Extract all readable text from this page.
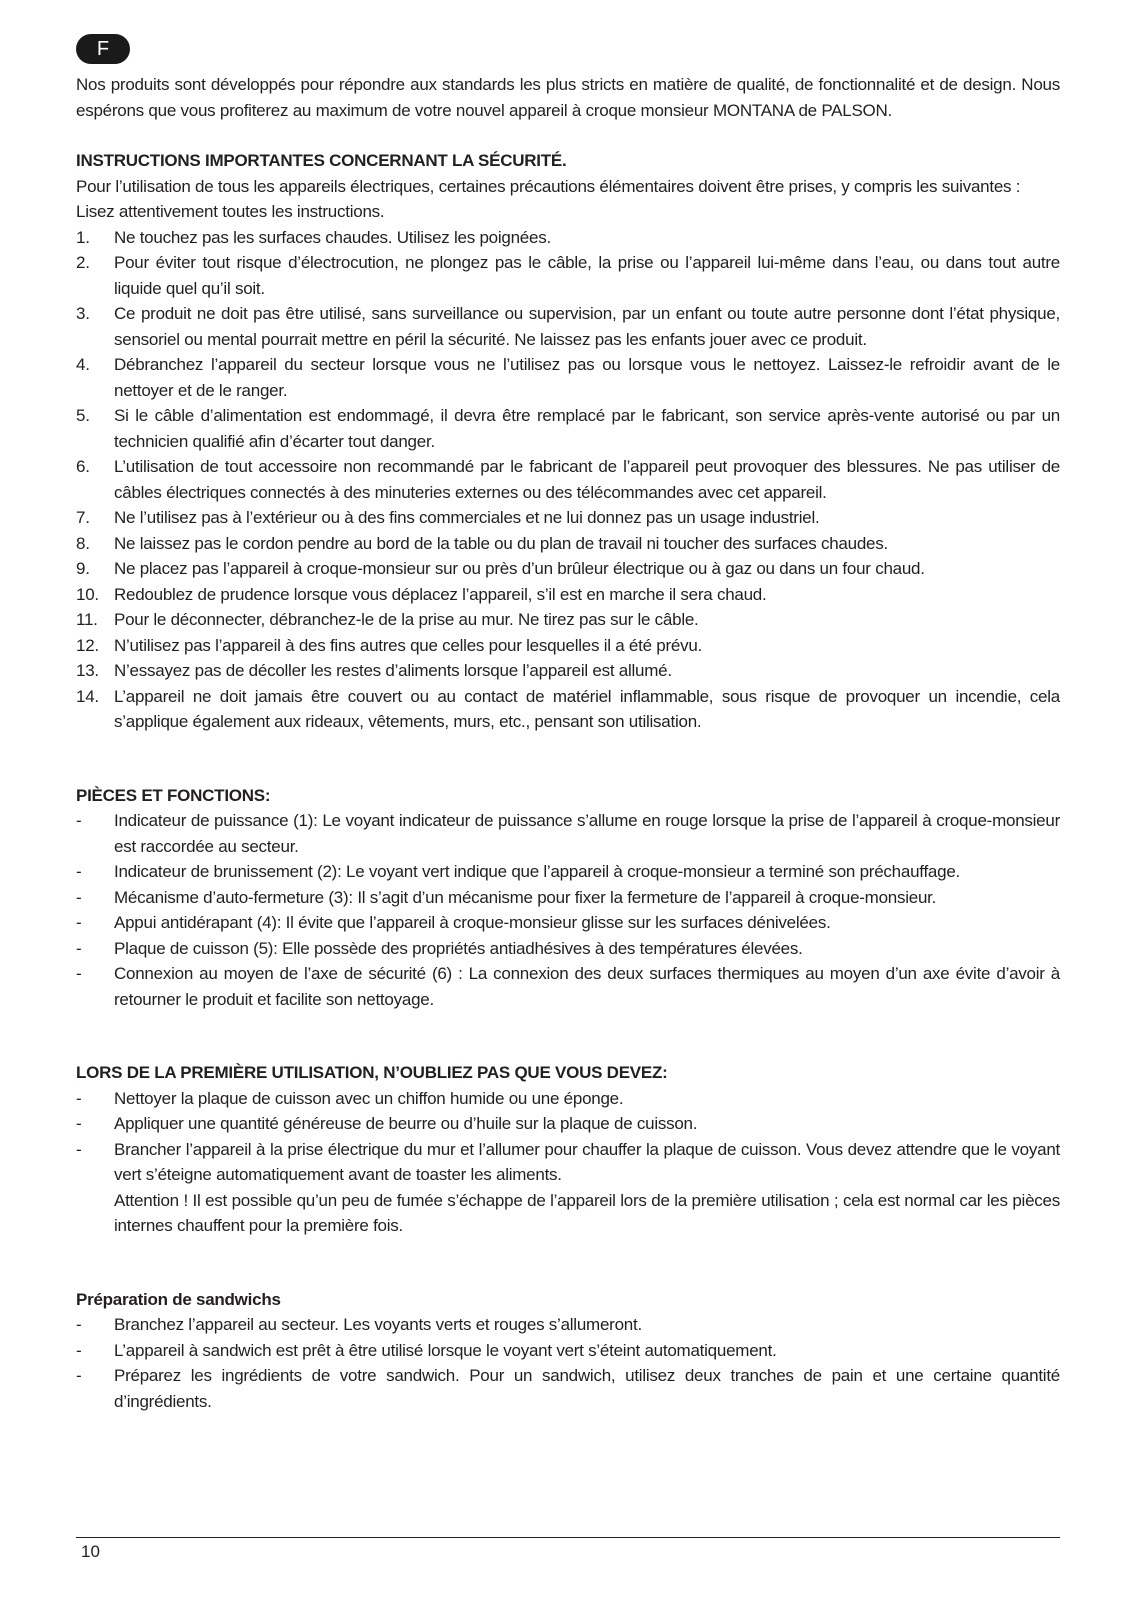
F

Nos produits sont développés pour répondre aux standards les plus stricts en matière de qualité, de fonctionnalité et de design. Nous espérons que vous profiterez au maximum de votre nouvel appareil à croque monsieur MONTANA de PALSON.

INSTRUCTIONS IMPORTANTES CONCERNANT LA SÉCURITÉ.

Pour l’utilisation de tous les appareils électriques, certaines précautions élémentaires doivent être prises, y compris les suivantes :

Lisez attentivement toutes les instructions.

1.	Ne touchez pas les surfaces chaudes. Utilisez les poignées.
2.	Pour éviter tout risque d’électrocution, ne plongez pas le câble, la prise ou l’appareil lui-même dans l’eau, ou dans tout autre liquide quel qu’il soit.
3.	Ce produit ne doit pas être utilisé, sans surveillance ou supervision, par un enfant ou toute autre personne dont l’état physique, sensoriel ou mental pourrait mettre en péril la sécurité. Ne laissez pas les enfants jouer avec ce produit.
4.	Débranchez l’appareil du secteur lorsque vous ne l’utilisez pas ou lorsque vous le nettoyez. Laissez-le refroidir avant de le nettoyer et de le ranger.
5.	Si le câble d’alimentation est endommagé, il devra être remplacé par le fabricant, son service après-vente autorisé ou par un technicien qualifié afin d’écarter tout danger.
6.	L’utilisation de tout accessoire non recommandé par le fabricant de l’appareil peut provoquer des blessures. Ne pas utiliser de câbles électriques connectés à des minuteries externes ou des télécommandes avec cet appareil.
7.	Ne l’utilisez pas à l’extérieur ou à des fins commerciales et ne lui donnez pas un usage industriel.
8.	Ne laissez pas le cordon pendre au bord de la table ou du plan de travail ni toucher des surfaces chaudes.
9.	Ne placez pas l’appareil à croque-monsieur sur ou près d’un brûleur électrique ou à gaz ou dans un four chaud.
10. Redoublez de prudence lorsque vous déplacez l’appareil, s’il est en marche il sera chaud.
11. Pour le déconnecter, débranchez-le de la prise au mur. Ne tirez pas sur le câble.
12. N’utilisez pas l’appareil à des fins autres que celles pour lesquelles il a été prévu.
13. N’essayez pas de décoller les restes d’aliments lorsque l’appareil est allumé.
14. L’appareil ne doit jamais être couvert ou au contact de matériel inflammable, sous risque de provoquer un incendie, cela s’applique également aux rideaux, vêtements, murs, etc., pensant son utilisation.
PIÈCES ET FONCTIONS:
-	Indicateur de puissance (1): Le voyant indicateur de puissance s’allume en rouge lorsque la prise de l’appareil à croque-monsieur est raccordée au secteur.
-	Indicateur de brunissement (2): Le voyant vert indique que l’appareil à croque-monsieur a terminé son préchauffage.
-	Mécanisme d’auto-fermeture (3): Il s’agit d’un mécanisme pour fixer la fermeture de l’appareil à croque-monsieur.
-	Appui antidérapant (4): Il évite que l’appareil à croque-monsieur glisse sur les surfaces dénivelées.
-	Plaque de cuisson (5): Elle possède des propriétés antiadhésives à des températures élevées.
-	Connexion au moyen de l’axe de sécurité (6) : La connexion des deux surfaces thermiques au moyen d’un axe évite d’avoir à retourner le produit et facilite son nettoyage.
LORS DE LA PREMIÈRE UTILISATION, N’OUBLIEZ PAS QUE VOUS DEVEZ:
-	Nettoyer la plaque de cuisson avec un chiffon humide ou une éponge.
-	Appliquer une quantité généreuse de beurre ou d’huile sur la plaque de cuisson.
-	Brancher l’appareil à la prise électrique du mur et l’allumer pour chauffer la plaque de cuisson. Vous devez attendre que le voyant vert s’éteigne automatiquement avant de toaster les aliments.
Attention ! Il est possible qu’un peu de fumée s’échappe de l’appareil lors de la première utilisation ; cela est normal car les pièces internes chauffent pour la première fois.
Préparation de sandwichs
-	Branchez l’appareil au secteur. Les voyants verts et rouges s’allumeront.
-	L’appareil à sandwich est prêt à être utilisé lorsque le voyant vert s’éteint automatiquement.
-	Préparez les ingrédients de votre sandwich. Pour un sandwich, utilisez deux tranches de pain et une certaine quantité d’ingrédients.
10
